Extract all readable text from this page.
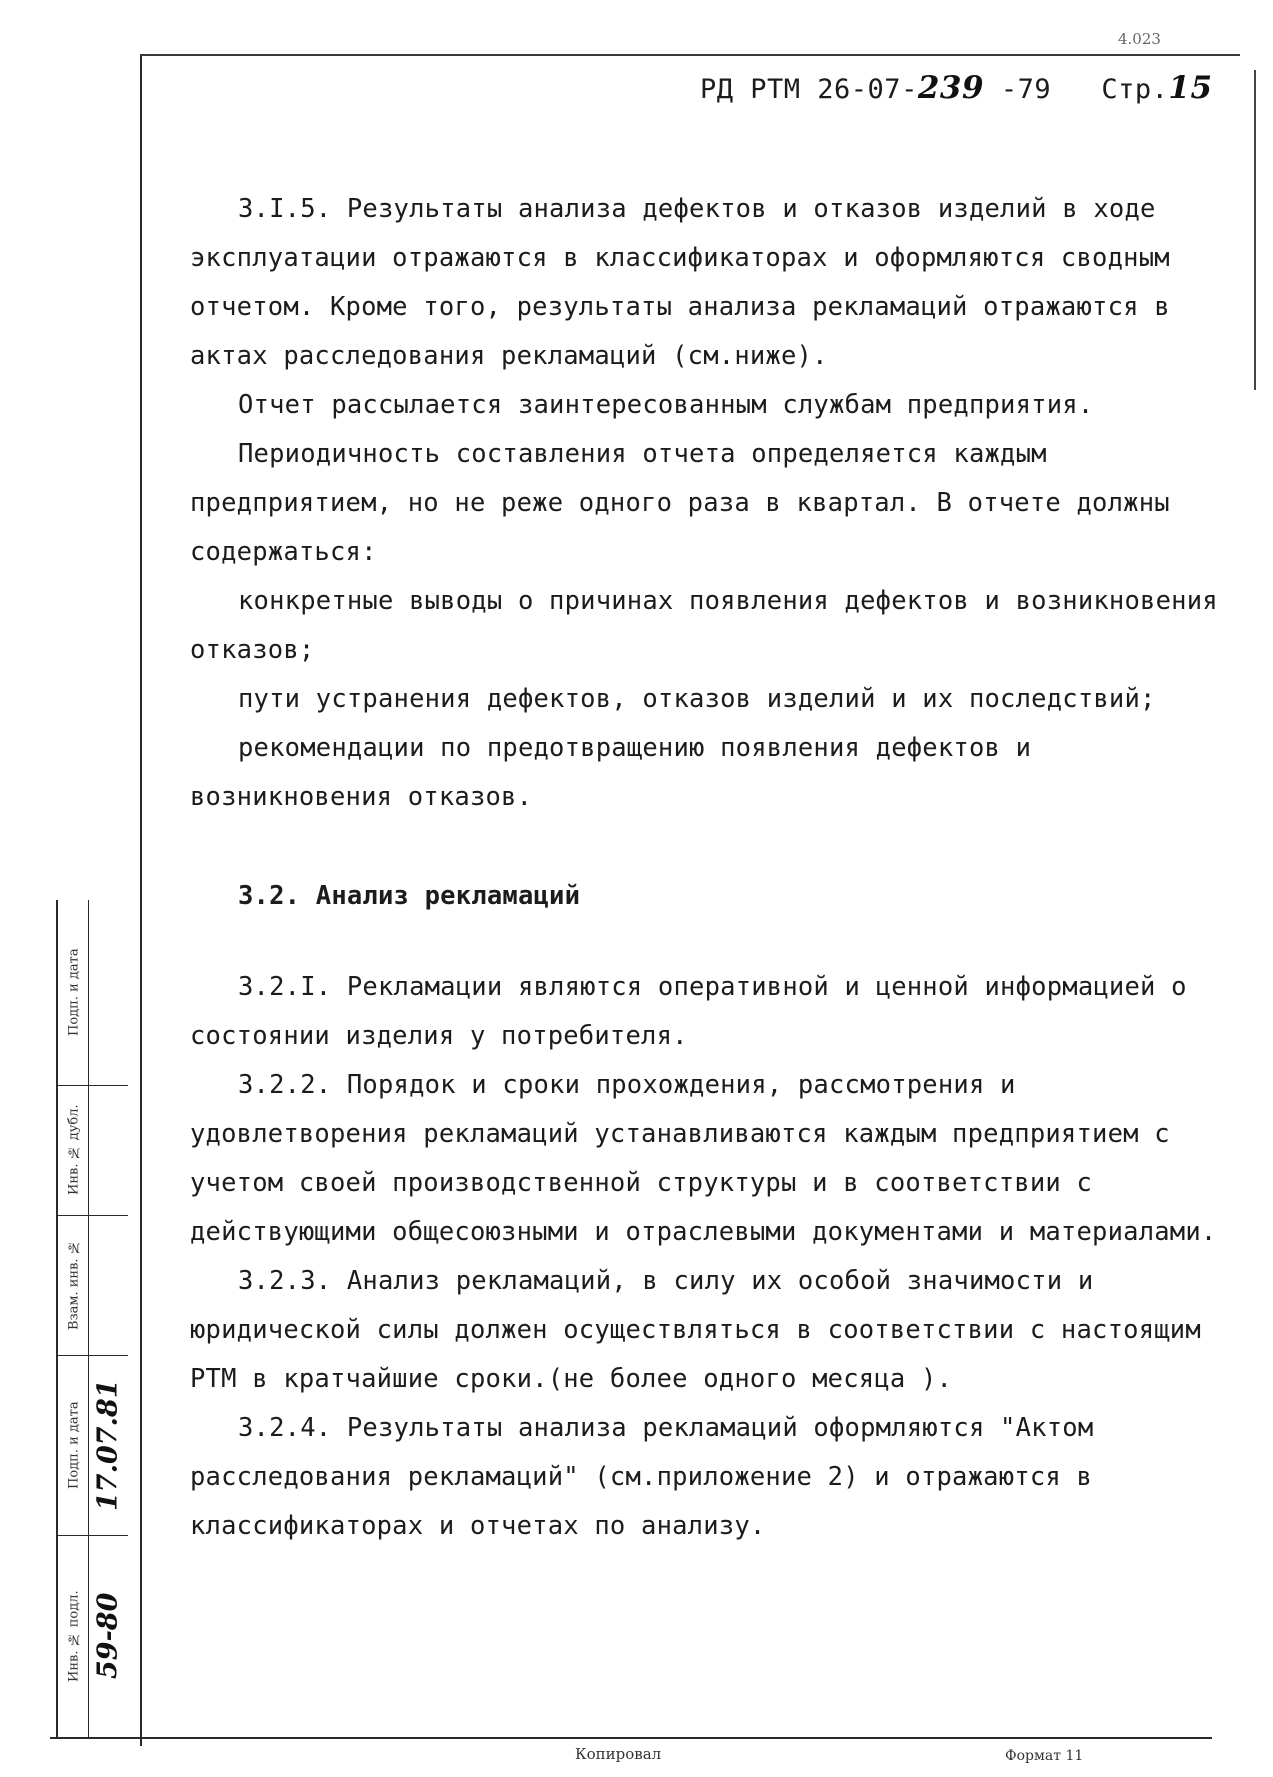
4.023
РД РТМ 26-07-239 -79 Стр.15

3.I.5. Результаты анализа дефектов и отказов изделий в ходе эксплуатации отражаются в классификаторах и оформляются сводным отчетом. Кроме того, результаты анализа рекламаций отражаются в актах расследования рекламаций (см.ниже).

Отчет рассылается заинтересованным службам предприятия.

Периодичность составления отчета определяется каждым предприятием, но не реже одного раза в квартал. В отчете должны содержаться:

конкретные выводы о причинах появления дефектов и возникновения отказов;

пути устранения дефектов, отказов изделий и их последствий;

рекомендации по предотвращению появления дефектов и возникновения отказов.

3.2. Анализ рекламаций

3.2.I. Рекламации являются оперативной и ценной информацией о состоянии изделия у потребителя.

3.2.2. Порядок и сроки прохождения, рассмотрения и удовлетворения рекламаций устанавливаются каждым предприятием с учетом своей производственной структуры и в соответствии с действующими общесоюзными и отраслевыми документами и материалами.

3.2.3. Анализ рекламаций, в силу их особой значимости и юридической силы должен осуществляться в соответствии с настоящим РТМ в кратчайшие сроки.(не более одного месяца ).

3.2.4. Результаты анализа рекламаций оформляются "Актом расследования рекламаций" (см.приложение 2) и отражаются в классификаторах и отчетах по анализу.

Подп. и дата
Инв. № дубл.
Взам. инв. №
Подп. и дата 17.07.81
Инв. № подл. 59-80
Копировал	Формат 11
